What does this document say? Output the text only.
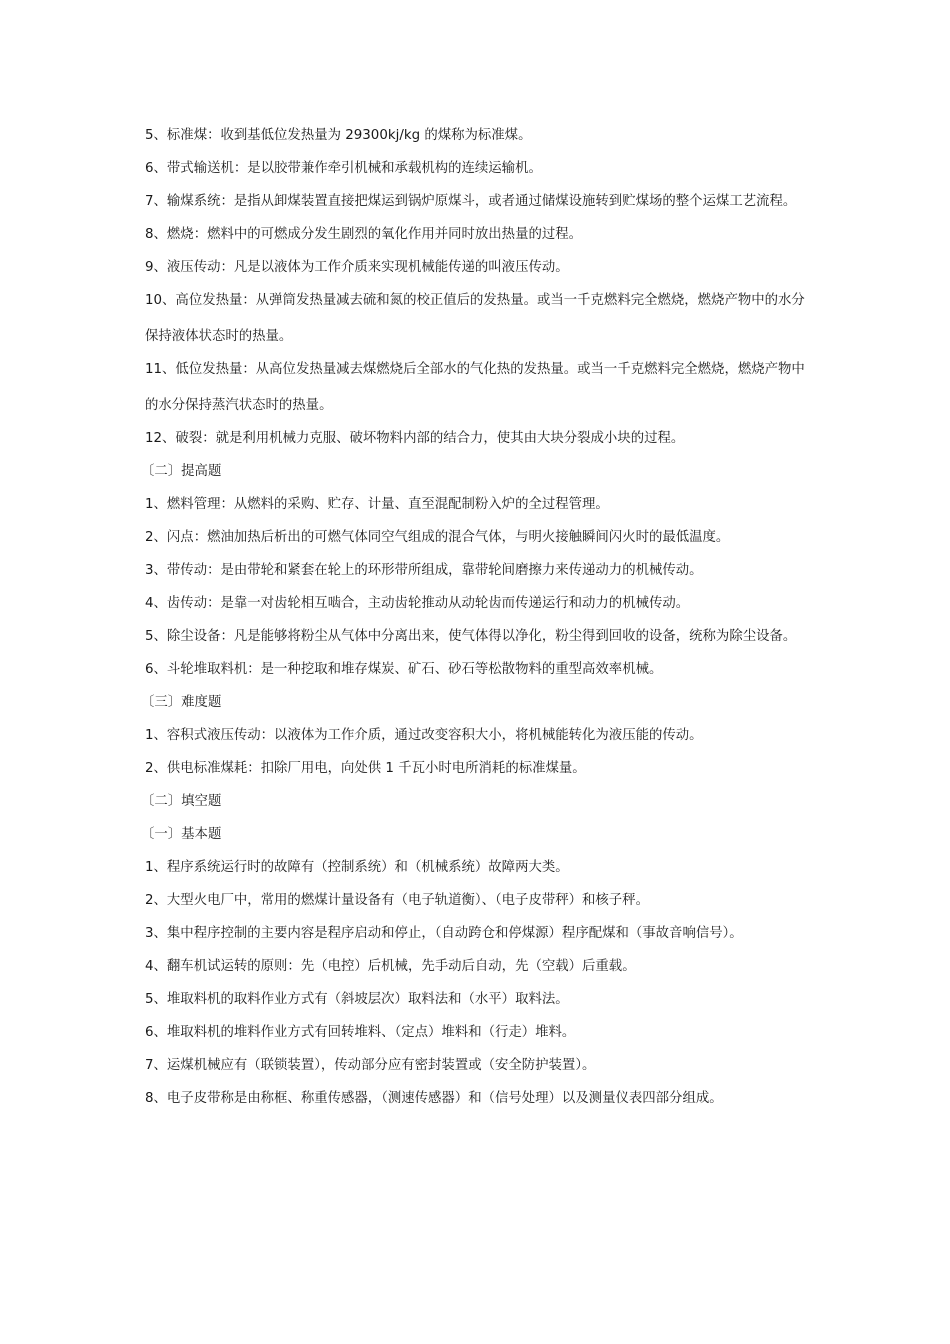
5、标准煤：收到基低位发热量为 29300kj/kg 的煤称为标准煤。

6、带式输送机：是以胶带兼作牵引机械和承载机构的连续运输机。

7、输煤系统：是指从卸煤装置直接把煤运到锅炉原煤斗，或者通过储煤设施转到贮煤场的整个运煤工艺流程。

8、燃烧：燃料中的可燃成分发生剧烈的氧化作用并同时放出热量的过程。

9、液压传动：凡是以液体为工作介质来实现机械能传递的叫液压传动。

10、高位发热量：从弹筒发热量减去硫和氮的校正值后的发热量。或当一千克燃料完全燃烧，燃烧产物中的水分保持液体状态时的热量。

11、低位发热量：从高位发热量减去煤燃烧后全部水的气化热的发热量。或当一千克燃料完全燃烧，燃烧产物中的水分保持蒸汽状态时的热量。

12、破裂：就是利用机械力克服、破坏物料内部的结合力，使其由大块分裂成小块的过程。

〔二〕提高题

1、燃料管理：从燃料的采购、贮存、计量、直至混配制粉入炉的全过程管理。

2、闪点：燃油加热后析出的可燃气体同空气组成的混合气体，与明火接触瞬间闪火时的最低温度。

3、带传动：是由带轮和紧套在轮上的环形带所组成，靠带轮间磨擦力来传递动力的机械传动。

4、齿传动：是靠一对齿轮相互啮合，主动齿轮推动从动轮齿而传递运行和动力的机械传动。

5、除尘设备：凡是能够将粉尘从气体中分离出来，使气体得以净化，粉尘得到回收的设备，统称为除尘设备。

6、斗轮堆取料机：是一种挖取和堆存煤炭、矿石、砂石等松散物料的重型高效率机械。

〔三〕难度题

1、容积式液压传动：以液体为工作介质，通过改变容积大小，将机械能转化为液压能的传动。

2、供电标准煤耗：扣除厂用电，向处供 1 千瓦小时电所消耗的标准煤量。

〔二〕填空题

〔一〕基本题

1、程序系统运行时的故障有（控制系统）和（机械系统）故障两大类。

2、大型火电厂中，常用的燃煤计量设备有（电子轨道衡）、（电子皮带秤）和核子秤。

3、集中程序控制的主要内容是程序启动和停止，（自动跨仓和停煤源）程序配煤和（事故音响信号）。

4、翻车机试运转的原则：先（电控）后机械，先手动后自动，先（空载）后重载。

5、堆取料机的取料作业方式有（斜坡层次）取料法和（水平）取料法。

6、堆取料机的堆料作业方式有回转堆料、（定点）堆料和（行走）堆料。

7、运煤机械应有（联锁装置），传动部分应有密封装置或（安全防护装置）。

8、电子皮带称是由称框、称重传感器，（测速传感器）和（信号处理）以及测量仪表四部分组成。
